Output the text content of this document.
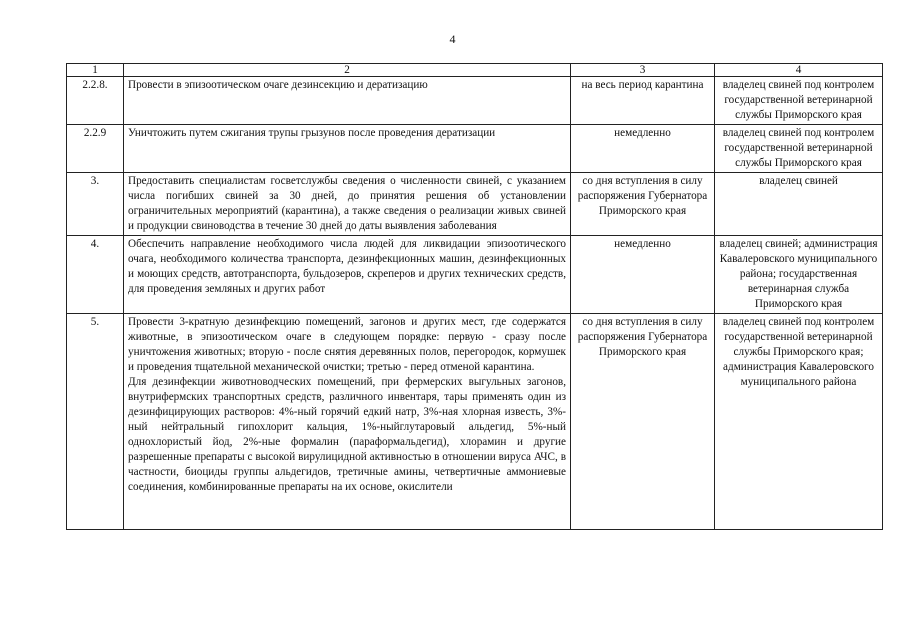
4
1	2	3	4
2.2.8.	Провести в эпизоотическом очаге дезинсекцию и дератизацию	на весь период карантина	владелец свиней под контролем государственной ветеринарной службы Приморского края
2.2.9	Уничтожить путем сжигания трупы грызунов после проведения дератизации	немедленно	владелец свиней под контролем государственной ветеринарной службы Приморского края
3.	Предоставить специалистам госветслужбы сведения о численности свиней, с указанием числа погибших свиней за 30 дней, до принятия решения об установлении ограничительных мероприятий (карантина), а также сведения о реализации живых свиней и продукции свиноводства в течение 30 дней до даты выявления заболевания	со дня вступления в силу распоряжения Губернатора Приморского края	владелец свиней
4.	Обеспечить направление необходимого числа людей для ликвидации эпизоотического очага, необходимого количества транспорта, дезинфекционных машин, дезинфекционных и моющих средств, автотранспорта, бульдозеров, скреперов и других технических средств, для проведения земляных и других работ	немедленно	владелец свиней; администрация Кавалеровского муниципального района; государственная ветеринарная служба Приморского края
5.	Провести 3-кратную дезинфекцию помещений, загонов и других мест, где содержатся животные, в эпизоотическом очаге в следующем порядке: первую - сразу после уничтожения животных; вторую - после снятия деревянных полов, перегородок, кормушек и проведения тщательной механической очистки; третью - перед отменой карантина.
Для дезинфекции животноводческих помещений, при фермерских выгульных загонов, внутрифермских транспортных средств, различного инвентаря, тары применять один из дезинфицирующих растворов: 4%-ный горячий едкий натр, 3%-ная хлорная известь, 3%-ный нейтральный гипохлорит кальция, 1%-ныйглутаровый альдегид, 5%-ный однохлористый йод, 2%-ные формалин (параформальдегид), хлорамин и другие разрешенные препараты с высокой вирулицидной активностью в отношении вируса АЧС, в частности, биоциды группы альдегидов, третичные амины, четвертичные аммониевые соединения, комбинированные препараты на их основе, окислители	со дня вступления в силу распоряжения Губернатора Приморского края	владелец свиней под контролем государственной ветеринарной службы Приморского края; администрация Кавалеровского муниципального района
